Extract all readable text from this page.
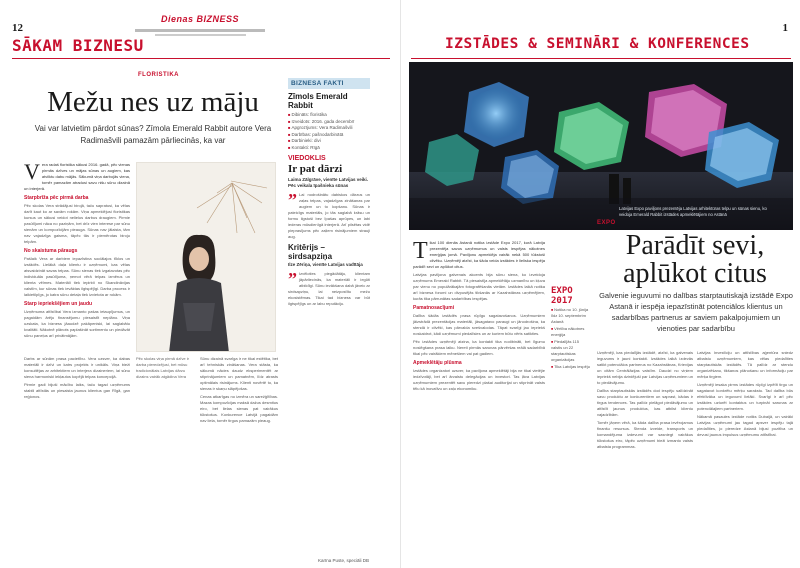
12
Dienas BIZNESS
SĀKAM BIZNESU
FLORISTIKA
Mežu nes uz māju
Vai var latvietim pārdot sūnas? Zīmola Emerald Rabbit autore Vera Radimašvili pamazām pārliecinās, ka var

Vera radaš floristika sākusi 2016. gadā, pēc vienas pirmās dzīves un mājas sūnas un augiem, kas atvilktu dabu mājās. Sākumā viņa darbojās viena, tomēr pamazām atradusi savu nišu sūnu dizainā un interjerā.

Starpbrīža pēc pirmā darba

Pēc skolas Vera strādājusi birojā, taču sapratusi, ka vēlas darīt kaut ko ar savām rokām. Viņa apmeklējusi floristikas kursus un sākusi veidot nelielus darbus draugiem. Pirmie pasūtījumi nāca no paziņām, bet drīz vien interese par sūnu sienām un kompozīcijām pieauga. Sūnas nav jālaista, tām nav vajadzīga gaisma, tāpēc tās ir piemērotas biroju telpām.

No skaistuma pāraugs

Pašlaik Vera ar darbiem iepazīstina sociālajos tīklos un izstādēs. Lielākā daļa klientu ir uzņēmumi, kas vēlas atsvaidzināt savas telpas. Sūnu sienas tiek izgatavotas pēc individuāla pasūtījuma, ņemot vērā telpas izmērus un klienta vēlmes. Materiāli tiek iepirkti no Skandināvijas valstīm, kur sūnas tiek ievāktas ilgtspējīgi. Darba process ir laikietilpīgs, jo katra sūnu detaļa tiek izvietota ar rokām.

Starp iepriekšējiem un jaudu

Uzņēmuma attīstībai Vera izmanto pašas ietaupījumus, un pagaidām ārēju finansējumu piesaistīt neplāno. Viņa uzskata, ka bizness jāaudzē pakāpeniski, lai saglabātu kvalitāti. Nākotnē plānots paplašināt sortimentu un piedāvāt sūnu paneļus arī privātmājām.

Pēc skolas viņa pirmā dzīve ir darba pieredzējusi, bet mūsu tradicionālais Latvijas dārzu dizains vairāk atgādina Vera

Sūnu dizainā svarīga ir ne tikai estētika, bet arī tehniskās zināšanas. Vera stāsta, ka sākumā nācies daudz eksperimentēt ar stiprinājumiem un pamatnēm, līdz atrasts optimālais risinājums. Klienti novērtē to, ka sienas ir skaņu slāpējošas.

Cenas atkarīgas no izmēra un sarežģītības. Mazas kompozīcijas maksā dažus desmitus eiro, bet lielas sienas pat vairākus tūkstošus. Konkurence Latvijā pagaidām nav liela, tomēr tirgus pamazām pieaug.

Darbs ar sūnām prasa pacietību. Vera uzsver, ka dabas materiāli ir dzīvi un katrs projekts ir unikāls. Viņa bieži konsultējas ar arhitektiem un interjera dizaineriem, lai sūnu siena harmoniski iekļautos kopējā telpas koncepcijā.

Pirmie gadi bijuši mācību laiks, taču tagad uzņēmums stabili attīstās un piesaista jaunus klientus gan Rīgā, gan reģionos.

BIZNESA FAKTI
Zīmols Emerald Rabbit
■ Dibināts: floristika
■ Izveidots: 2016. gada decembrī
■ Apgrozījums: Vera Radimašvili
■ Darbības: pašnodarbinātā
■ Darbinieki: divi
■ Kontakti: Rīgā
VIEDOKLIS
Ir pat dārzi
Laima Zālgrāve, vienīte Latvijas veiki. Pēc veikala īpašnieka sūnas

” Lai nodrošinātu dabiskos dārzus un zaļas telpas, vajadzīgas zināšanas par augiem un to kopšanu. Sūnas ir pateicīgs materiāls, jo tās saglabā krāsu un formu ilgstoši bez īpašas aprūpes, un labi iederas mūsdienīgā interjerā. Arī pilsētas vidē pieprasījums pēc zaļiem risinājumiem strauji aug.

Kritērijs – sirdsapziņa
Ilze Zēriņa, vienīte Latvijas vadītāja

” Izvēloties piegādātāju, klientam jāpārliecinās, ka materiāli ir iegūti atbildīgi. Sūnu ievākšana dabā jāveic ar sirdsapziņu, lai neizpostītu mežu ekosistēmas. Tikai tad bizness var būt ilgtspējīgs un ar labu reputāciju.

Karīna Puste, speciāli DB
1
IZSTĀDES & SEMINĀRI & KONFERENCES
Latvijas Expo paviljons prezentēja Latvijas arhitektūras telpu un sūnas sienu, ko veidoja Emerald Rabbit izstādes apmeklētājiem no Astānā

Tikai 100 dienās Astanā notika izstāde Expo 2017, kurā Latvija prezentēja savus uzņēmumus un valsts iespējas nākotnes enerģijas jomā. Paviljonu apmeklēja vairāk nekā 500 tūkstoši cilvēku. Uzņēmēji atzīst, ka šāda veida izstādes ir lieliska iespēja parādīt sevi un aplūkot citus.

Latvijas paviljona galvenais akcents bija sūnu siena, ko izveidoja uzņēmums Emerald Rabbit. Tā piesaistīja apmeklētāju uzmanību un kļuva par vienu no populārākajām fotografēšanās vietām. Izstādes laikā notika arī biznesa forumi un divpusējās tikšanās ar Kazahstānas uzņēmējiem, kurās tika pārrunātas sadarbības iespējas.

Pamatnosacījumi

Dalība šādās izstādēs prasa rūpīgu sagatavošanos. Uzņēmumiem jāizstrādā prezentācijas materiāli, jāsagatavo paraugi un jānodrošina, ka stendā ir cilvēki, kas pārvalda svešvalodas. Tāpat svarīgi jau iepriekš noskaidrot, kādi uzņēmumi piedalīsies un ar kuriem būtu vērts satikties.

Pēc izstādes uzņēmēji atzina, ka kontakti tika nodibināti, bet līgumu noslēgšana prasa laiku. Nereti pirmās sarunas pārvēršas reālā sadarbībā tikai pēc vairākiem mēnešiem vai pat gadiem.

Apmeklētāju plūsma

Izstādes organizatori uzsver, ka paviljona apmeklētāji bija ne tikai vietējie iedzīvotāji, bet arī ārvalstu delegācijas un investori. Tas ļāva Latvijas uzņēmumiem prezentēt savu pieredzi plašai auditorijai un stiprināt valsts tēlu kā inovatīvu un zaļu ekonomiku.

EXPO 2017
■ Notika no 10. jūnija līdz 10. septembrim Astanā
■ Vērtība nākotnes enerģija
■ Piedalījās 115 valstis un 22 starptautiskas organizācijas
■ Tika Latvijas iespēju
EXPO
Parādīt sevi, aplūkot citus
Galvenie ieguvumi no dalības starptautiskajā izstādē Expo Astanā ir iespēja iepazīstināt potenciālos klientus un sadarbības partnerus ar saviem pakalpojumiem un vienoties par sadarbību

Uzņēmēji, kas piedalījās izstādē, atzīst, ka galvenais ieguvums ir jauni kontakti. Izstādes laikā izdevās satikt potenciālos partnerus no Kazahstānas, Krievijas un citām Centrālāzijas valstīm. Daudzi no viņiem iepriekš nebija dzirdējuši par Latvijas uzņēmumiem un to piedāvājumu.

Dalība starptautiskās izstādēs dod iespēju salīdzināt savu produktu ar konkurentiem un saprast, kādas ir tirgus tendences. Tas palīdz pielāgot piedāvājumu un attīstīt jaunus produktus, kas atbilst klientu vajadzībām.

Tomēr jāņem vērā, ka šāda dalība prasa ievērojamus finanšu resursus. Stenda izveide, transports un komandējuma izdevumi var sasniegt vairākus tūkstošus eiro, tāpēc uzņēmumi bieži izmanto valsts atbalsta programmas.

Latvijas Investīciju un attīstības aģentūra sniedz atbalstu uzņēmumiem, kas vēlas piedalīties starptautiskās izstādēs. Tā palīdz ar stendu organizēšanu, tikšanos plānošanu un informāciju par mērķa tirgiem.

Uzņēmēji iesaka pirms izstādes rūpīgi izpētīt tirgu un sagatavot konkrētu mērķu sarakstu. Tad dalība būs efektīvāka un ieguvumi lielāki. Svarīgi ir arī pēc izstādes uzturēt kontaktus un turpināt sarunas ar potenciālajiem partneriem.

Nākamā pasaules izstāde notiks Dubaijā, un vairāki Latvijas uzņēmumi jau tagad apsver iespēju tajā piedalīties, jo pieredze Astanā bijusi pozitīva un devusi jaunus impulsus uzņēmumu attīstībai.
